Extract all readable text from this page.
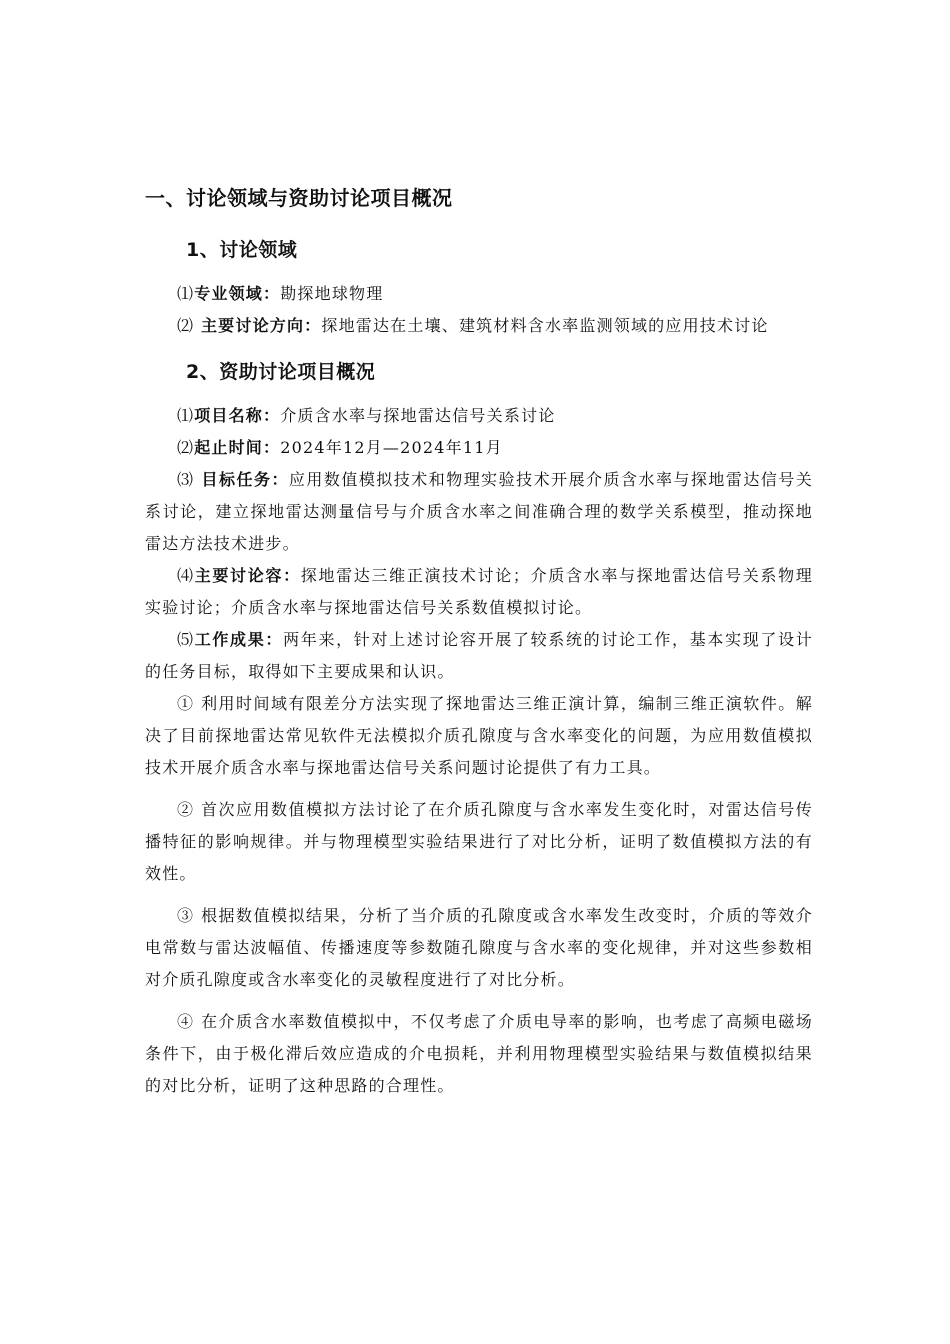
一、讨论领域与资助讨论项目概况
1、讨论领域

⑴专业领域：勘探地球物理

⑵ 主要讨论方向：探地雷达在土壤、建筑材料含水率监测领域的应用技术讨论

2、资助讨论项目概况

⑴项目名称：介质含水率与探地雷达信号关系讨论

⑵起止时间：2024年12月—2024年11月

⑶ 目标任务：应用数值模拟技术和物理实验技术开展介质含水率与探地雷达信号关系讨论，建立探地雷达测量信号与介质含水率之间准确合理的数学关系模型，推动探地雷达方法技术进步。

⑷主要讨论容：探地雷达三维正演技术讨论；介质含水率与探地雷达信号关系物理实验讨论；介质含水率与探地雷达信号关系数值模拟讨论。

⑸工作成果：两年来，针对上述讨论容开展了较系统的讨论工作，基本实现了设计的任务目标，取得如下主要成果和认识。

① 利用时间域有限差分方法实现了探地雷达三维正演计算，编制三维正演软件。解决了目前探地雷达常见软件无法模拟介质孔隙度与含水率变化的问题，为应用数值模拟技术开展介质含水率与探地雷达信号关系问题讨论提供了有力工具。

② 首次应用数值模拟方法讨论了在介质孔隙度与含水率发生变化时，对雷达信号传播特征的影响规律。并与物理模型实验结果进行了对比分析，证明了数值模拟方法的有效性。

③ 根据数值模拟结果，分析了当介质的孔隙度或含水率发生改变时，介质的等效介电常数与雷达波幅值、传播速度等参数随孔隙度与含水率的变化规律，并对这些参数相对介质孔隙度或含水率变化的灵敏程度进行了对比分析。

④ 在介质含水率数值模拟中，不仅考虑了介质电导率的影响，也考虑了高频电磁场条件下，由于极化滞后效应造成的介电损耗，并利用物理模型实验结果与数值模拟结果的对比分析，证明了这种思路的合理性。
